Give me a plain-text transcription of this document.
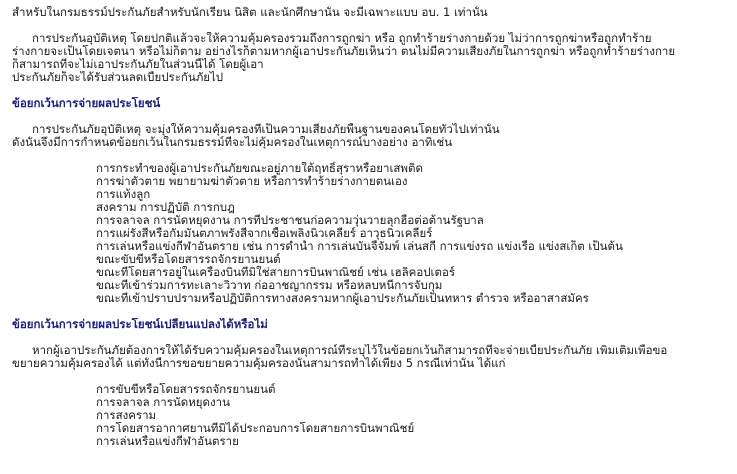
สำหรับในกรมธรรม์ประกันภัยสำหรับนักเรียน นิสิต และนักศึกษานั้น จะมีเฉพาะแบบ อบ. 1 เท่านั้น

การประกันอุบัติเหตุ โดยปกติแล้วจะให้ความคุ้มครองรวมถึงการถูกฆ่า หรือ ถูกทำร้ายร่างกายด้วย ไม่ว่าการถูกฆ่าหรือถูกทำร้าย

ร่างกายจะเป็นโดยเจตนา หรือไม่ก็ตาม อย่างไรก็ตามหากผู้เอาประกันภัยเห็นว่า ตนไม่มีความเสี่ยงภัยในการถูกฆ่า หรือถูกทำร้ายร่างกาย

ก็สามารถที่จะไม่เอาประกันภัยในส่วนนี้ได้ โดยผู้เอา

ประกันภัยก็จะได้รับส่วนลดเบี้ยประกันภัยไป

ข้อยกเว้นการจ่ายผลประโยชน์

การประกันภัยอุบัติเหตุ จะมุ่งให้ความคุ้มครองที่เป็นความเสี่ยงภัยพื้นฐานของคนโดยทั่วไปเท่านั้น

ดังนั้นจึงมีการกำหนดข้อยกเว้นในกรมธรรม์ที่จะไม่คุ้มครองในเหตุการณ์บางอย่าง อาทิเช่น

1. การกระทำของผู้เอาประกันภัยขณะอยู่ภายใต้ฤทธิ์สุราหรือยาเสพติด
2. การฆ่าตัวตาย พยายามฆ่าตัวตาย หรือการทำร้ายร่างกายตนเอง
3. การแท้งลูก
4. สงคราม การปฏิบัติ การกบฎ
5. การจลาจล การนัดหยุดงาน การที่ประชาชนก่อความวุ่นวายลุกฮือต่อต้านรัฐบาล
6. การแผ่รังสีหรือกัมมันตภาพรังสีจากเชื้อเพลิงนิวเคลียร์ อาวุธนิวเคลียร์
7. การเล่นหรือแข่งกีฬาอันตราย เช่น การดำน้ำ การเล่นบันจี้จัมพ์ เล่นสกี การแข่งรถ แข่งเรือ แข่งสเก็ต เป็นต้น
8. ขณะขับขี่หรือโดยสารรถจักรยานยนต์
9. ขณะที่โดยสารอยู่ในเครื่องบินที่มิใช่สายการบินพาณิชย์ เช่น เฮลิคอปเตอร์
10. ขณะที่เข้าร่วมการทะเลาะวิวาท ก่ออาชญากรรม หรือหลบหนีการจับกุม
11. ขณะที่เข้าปราบปรามหรือปฏิบัติการทางสงครามหากผู้เอาประกันภัยเป็นทหาร ตำรวจ หรืออาสาสมัคร
ข้อยกเว้นการจ่ายผลประโยชน์เปลี่ยนแปลงได้หรือไม่

หากผู้เอาประกันภัยต้องการให้ได้รับความคุ้มครองในเหตุการณ์ที่ระบุไว้ในข้อยกเว้นก็สามารถที่จะจ่ายเบี้ยประกันภัย เพิ่มเติมเพื่อขอ

ขยายความคุ้มครองได้ แต่ทั้งนี้การขอขยายความคุ้มครองนั้นสามารถทำได้เพียง 5 กรณีเท่านั้น ได้แก่

1. การขับขี่หรือโดยสารรถจักรยานยนต์
2. การจลาจล การนัดหยุดงาน
3. การสงคราม
4. การโดยสารอากาศยานที่มิได้ประกอบการโดยสายการบินพาณิชย์
5. การเล่นหรือแข่งกีฬาอันตราย
